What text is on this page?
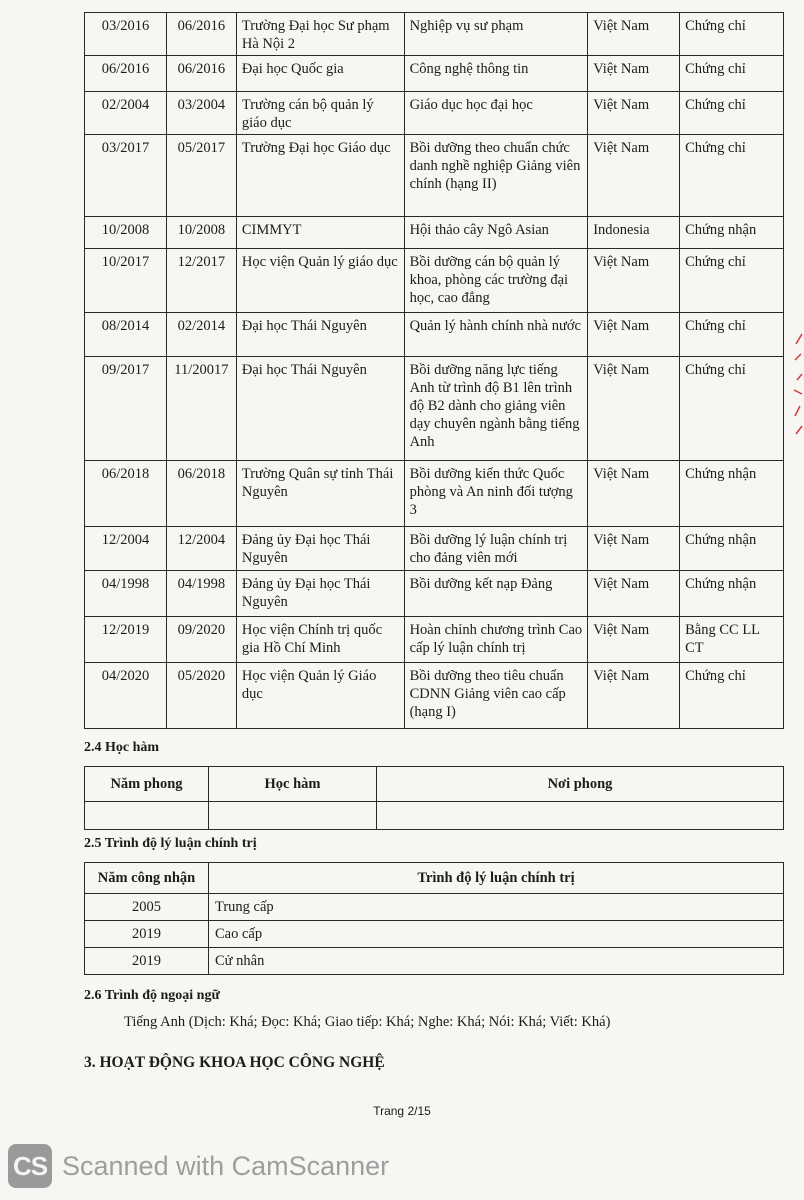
03/2016	06/2016	Trường Đại học Sư phạm Hà Nội 2	Nghiệp vụ sư phạm	Việt Nam	Chứng chỉ
06/2016	06/2016	Đại học Quốc gia	Công nghệ thông tin	Việt Nam	Chứng chỉ
02/2004	03/2004	Trường cán bộ quản lý giáo dục	Giáo dục học đại học	Việt Nam	Chứng chỉ
03/2017	05/2017	Trường Đại học Giáo dục	Bồi dưỡng theo chuẩn chức danh nghề nghiệp Giảng viên chính (hạng II)	Việt Nam	Chứng chỉ
10/2008	10/2008	CIMMYT	Hội thảo cây Ngô Asian	Indonesia	Chứng nhận
10/2017	12/2017	Học viện Quản lý giáo dục	Bồi dưỡng cán bộ quản lý khoa, phòng các trường đại học, cao đẳng	Việt Nam	Chứng chỉ
08/2014	02/2014	Đại học Thái Nguyên	Quản lý hành chính nhà nước	Việt Nam	Chứng chỉ
09/2017	11/20017	Đại học Thái Nguyên	Bồi dưỡng năng lực tiếng Anh từ trình độ B1 lên trình độ B2 dành cho giảng viên dạy chuyên ngành bằng tiếng Anh	Việt Nam	Chứng chỉ
06/2018	06/2018	Trường Quân sự tỉnh Thái Nguyên	Bồi dưỡng kiến thức Quốc phòng và An ninh đối tượng 3	Việt Nam	Chứng nhận
12/2004	12/2004	Đảng ủy Đại học Thái Nguyên	Bồi dưỡng lý luận chính trị cho đảng viên mới	Việt Nam	Chứng nhận
04/1998	04/1998	Đảng ủy Đại học Thái Nguyên	Bồi dưỡng kết nạp Đảng	Việt Nam	Chứng nhận
12/2019	09/2020	Học viện Chính trị quốc gia Hồ Chí Minh	Hoàn chỉnh chương trình Cao cấp lý luận chính trị	Việt Nam	Bằng CC LL CT
04/2020	05/2020	Học viện Quản lý Giáo dục	Bồi dưỡng theo tiêu chuẩn CDNN Giảng viên cao cấp (hạng I)	Việt Nam	Chứng chỉ
2.4 Học hàm
Năm phong	Học hàm	Nơi phong

2.5 Trình độ lý luận chính trị
Năm công nhận	Trình độ lý luận chính trị
2005	Trung cấp
2019	Cao cấp
2019	Cử nhân
2.6 Trình độ ngoại ngữ
Tiếng Anh (Dịch: Khá; Đọc: Khá; Giao tiếp: Khá; Nghe: Khá; Nói: Khá; Viết: Khá)
3. HOẠT ĐỘNG KHOA HỌC CÔNG NGHỆ
Trang 2/15
CS Scanned with CamScanner
